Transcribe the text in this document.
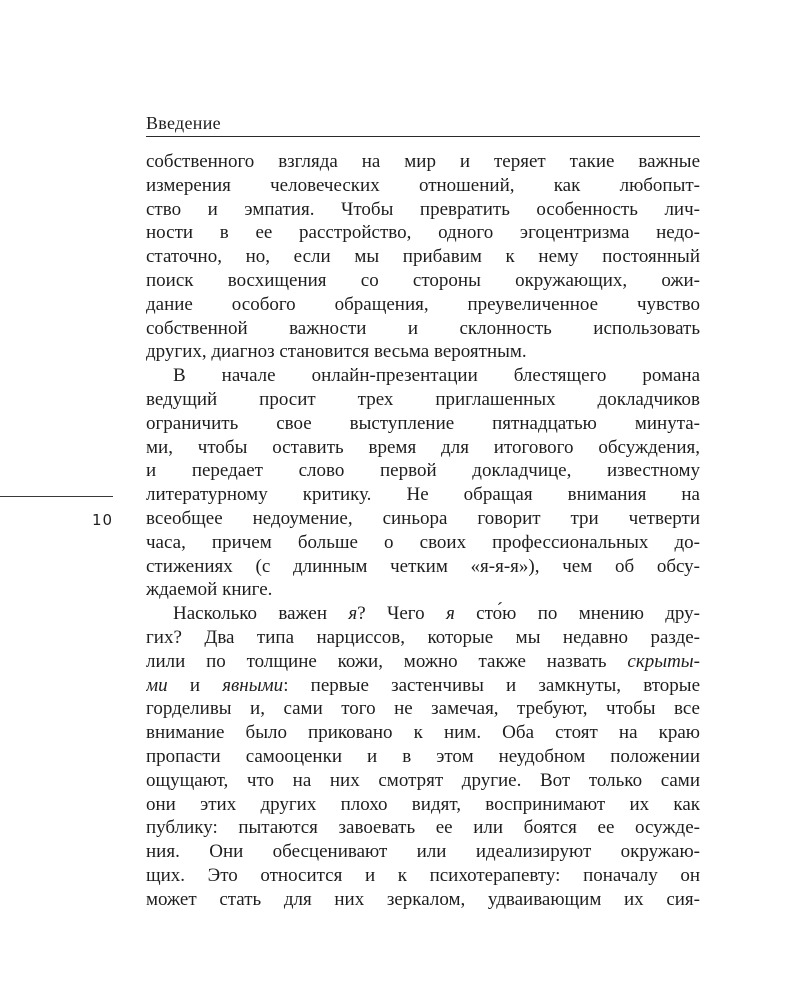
Введение
10
собственного взгляда на мир и теряет такие важные
измерения человеческих отношений, как любопыт-
ство и эмпатия. Чтобы превратить особенность лич-
ности в ее расстройство, одного эгоцентризма недо-
статочно, но, если мы прибавим к нему постоянный
поиск восхищения со стороны окружающих, ожи-
дание особого обращения, преувеличенное чувство
собственной важности и склонность использовать
других, диагноз становится весьма вероятным.
В начале онлайн-презентации блестящего романа
ведущий просит трех приглашенных докладчиков
ограничить свое выступление пятнадцатью минута-
ми, чтобы оставить время для итогового обсуждения,
и передает слово первой докладчице, известному
литературному критику. Не обращая внимания на
всеобщее недоумение, синьора говорит три четверти
часа, причем больше о своих профессиональных до-
стижениях (с длинным четким «я-я-я»), чем об обсу-
ждаемой книге.
Насколько важен я? Чего я сто́ю по мнению дру-
гих? Два типа нарциссов, которые мы недавно разде-
лили по толщине кожи, можно также назвать скрыты-
ми и явными: первые застенчивы и замкнуты, вторые
горделивы и, сами того не замечая, требуют, чтобы все
внимание было приковано к ним. Оба стоят на краю
пропасти самооценки и в этом неудобном положении
ощущают, что на них смотрят другие. Вот только сами
они этих других плохо видят, воспринимают их как
публику: пытаются завоевать ее или боятся ее осужде-
ния. Они обесценивают или идеализируют окружаю-
щих. Это относится и к психотерапевту: поначалу он
может стать для них зеркалом, удваивающим их сия-
